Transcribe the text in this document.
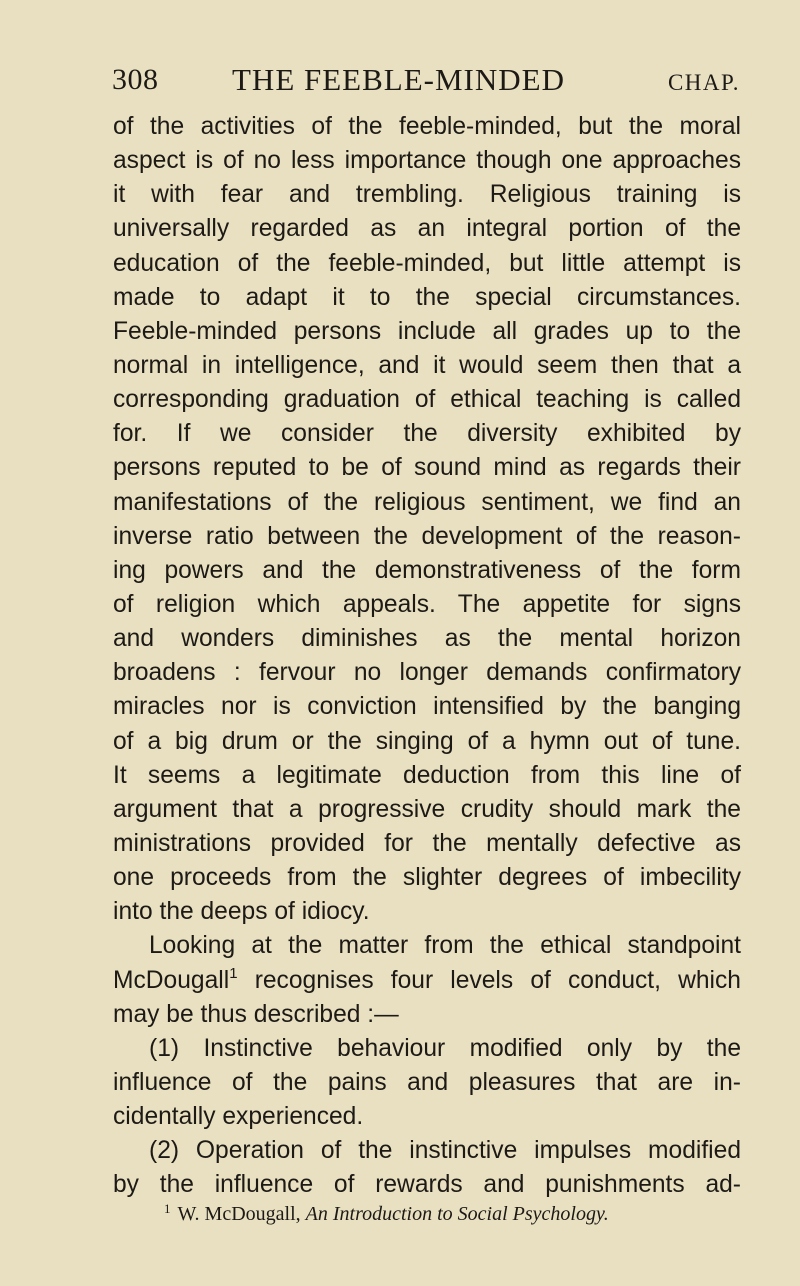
308 THE FEEBLE-MINDED	CHAP.
of the activities of the feeble-minded, but the moral
aspect is of no less importance though one approaches
it with fear and trembling. Religious training is
universally regarded as an integral portion of the
education of the feeble-minded, but little attempt is
made to adapt it to the special circumstances.
Feeble-minded persons include all grades up to the
normal in intelligence, and it would seem then that a
corresponding graduation of ethical teaching is called
for. If we consider the diversity exhibited by
persons reputed to be of sound mind as regards their
manifestations of the religious sentiment, we find an
inverse ratio between the development of the reason-
ing powers and the demonstrativeness of the form
of religion which appeals. The appetite for signs
and wonders diminishes as the mental horizon
broadens : fervour no longer demands confirmatory
miracles nor is conviction intensified by the banging
of a big drum or the singing of a hymn out of tune.
It seems a legitimate deduction from this line of
argument that a progressive crudity should mark the
ministrations provided for the mentally defective as
one proceeds from the slighter degrees of imbecility
into the deeps of idiocy.
Looking at the matter from the ethical standpoint
McDougall$^1$ recognises four levels of conduct, which
may be thus described :—
(1) Instinctive behaviour modified only by the
influence of the pains and pleasures that are in-
cidentally experienced.
(2) Operation of the instinctive impulses modified
by the influence of rewards and punishments ad-
$^1$ W. McDougall, An Introduction to Social Psychology.
